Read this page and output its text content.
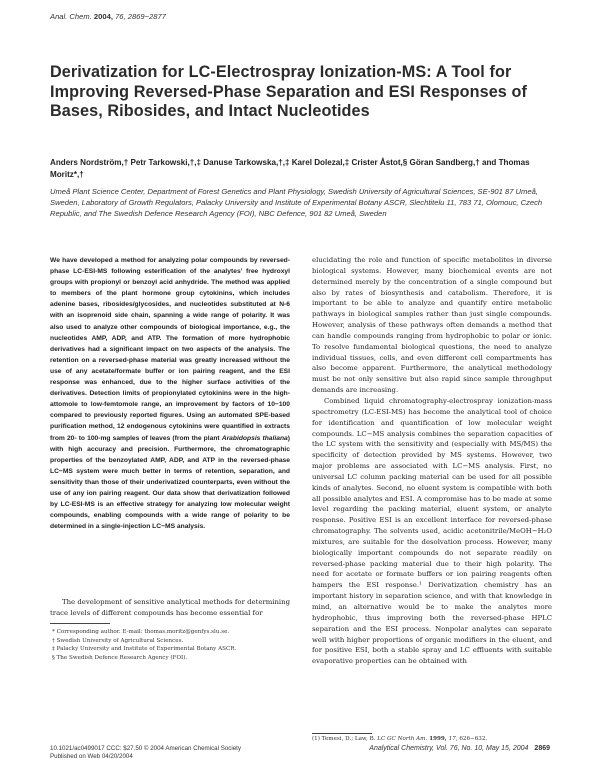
Anal. Chem. 2004, 76, 2869−2877
Derivatization for LC-Electrospray Ionization-MS: A Tool for Improving Reversed-Phase Separation and ESI Responses of Bases, Ribosides, and Intact Nucleotides
Anders Nordström,† Petr Tarkowski,†,‡ Danuse Tarkowska,†,‡ Karel Dolezal,‡ Crister Åstot,§ Göran Sandberg,† and Thomas Moritz*,†
Umeå Plant Science Center, Department of Forest Genetics and Plant Physiology, Swedish University of Agricultural Sciences, SE-901 87 Umeå, Sweden, Laboratory of Growth Regulators, Palacky University and Institute of Experimental Botany ASCR, Slechtitelu 11, 783 71, Olomouc, Czech Republic, and The Swedish Defence Research Agency (FOI), NBC Defence, 901 82 Umeå, Sweden
We have developed a method for analyzing polar compounds by reversed-phase LC-ESI-MS following esterification of the analytes’ free hydroxyl groups with propionyl or benzoyl acid anhydride. The method was applied to members of the plant hormone group cytokinins, which includes adenine bases, ribosides/glycosides, and nucleotides substituted at N-6 with an isoprenoid side chain, spanning a wide range of polarity. It was also used to analyze other compounds of biological importance, e.g., the nucleotides AMP, ADP, and ATP. The formation of more hydrophobic derivatives had a significant impact on two aspects of the analysis. The retention on a reversed-phase material was greatly increased without the use of any acetate/formate buffer or ion pairing reagent, and the ESI response was enhanced, due to the higher surface activities of the derivatives. Detection limits of propionylated cytokinins were in the high-attomole to low-femtomole range, an improvement by factors of 10−100 compared to previously reported figures. Using an automated SPE-based purification method, 12 endogenous cytokinins were quantified in extracts from 20- to 100-mg samples of leaves (from the plant Arabidopsis thaliana) with high accuracy and precision. Furthermore, the chromatographic properties of the benzoylated AMP, ADP, and ATP in the reversed-phase LC−MS system were much better in terms of retention, separation, and sensitivity than those of their underivatized counterparts, even without the use of any ion pairing reagent. Our data show that derivatization followed by LC-ESI-MS is an effective strategy for analyzing low molecular weight compounds, enabling compounds with a wide range of polarity to be determined in a single-injection LC−MS analysis.
The development of sensitive analytical methods for determining trace levels of different compounds has become essential for
* Corresponding author. E-mail: thomas.moritz@genfys.slu.se.
† Swedish University of Agricultural Sciences.
‡ Palacky University and Institute of Experimental Botany ASCR.
§ The Swedish Defence Research Agency (FOI).

elucidating the role and function of specific metabolites in diverse biological systems. However, many biochemical events are not determined merely by the concentration of a single compound but also by rates of biosynthesis and catabolism. Therefore, it is important to be able to analyze and quantify entire metabolic pathways in biological samples rather than just single compounds. However, analysis of these pathways often demands a method that can handle compounds ranging from hydrophobic to polar or ionic. To resolve fundamental biological questions, the need to analyze individual tissues, cells, and even different cell compartments has also become apparent. Furthermore, the analytical methodology must be not only sensitive but also rapid since sample throughput demands are increasing.

Combined liquid chromatography-electrospray ionization-mass spectrometry (LC-ESI-MS) has become the analytical tool of choice for identification and quantification of low molecular weight compounds. LC−MS analysis combines the separation capacities of the LC system with the sensitivity and (especially with MS/MS) the specificity of detection provided by MS systems. However, two major problems are associated with LC−MS analysis. First, no universal LC column packing material can be used for all possible kinds of analytes. Second, no eluent system is compatible with both all possible analytes and ESI. A compromise has to be made at some level regarding the packing material, eluent system, or analyte response. Positive ESI is an excellent interface for reversed-phase chromatography. The solvents used, acidic acetonitrile/MeOH−H₂O mixtures, are suitable for the desolvation process. However, many biologically important compounds do not separate readily on reversed-phase packing material due to their high polarity. The need for acetate or formate buffers or ion pairing reagents often hampers the ESI response.¹ Derivatization chemistry has an important history in separation science, and with that knowledge in mind, an alternative would be to make the analytes more hydrophobic, thus improving both the reversed-phase HPLC separation and the ESI process. Nonpolar analytes can separate well with higher proportions of organic modifiers in the eluent, and for positive ESI, both a stable spray and LC effluents with suitable evaporative properties can be obtained with

(1) Temesi, D.; Law, B. LC GC North Am. 1999, 17, 626−632.
10.1021/ac0499017 CCC: $27.50 © 2004 American Chemical Society
Published on Web 04/20/2004
Analytical Chemistry, Vol. 76, No. 10, May 15, 2004 2869
